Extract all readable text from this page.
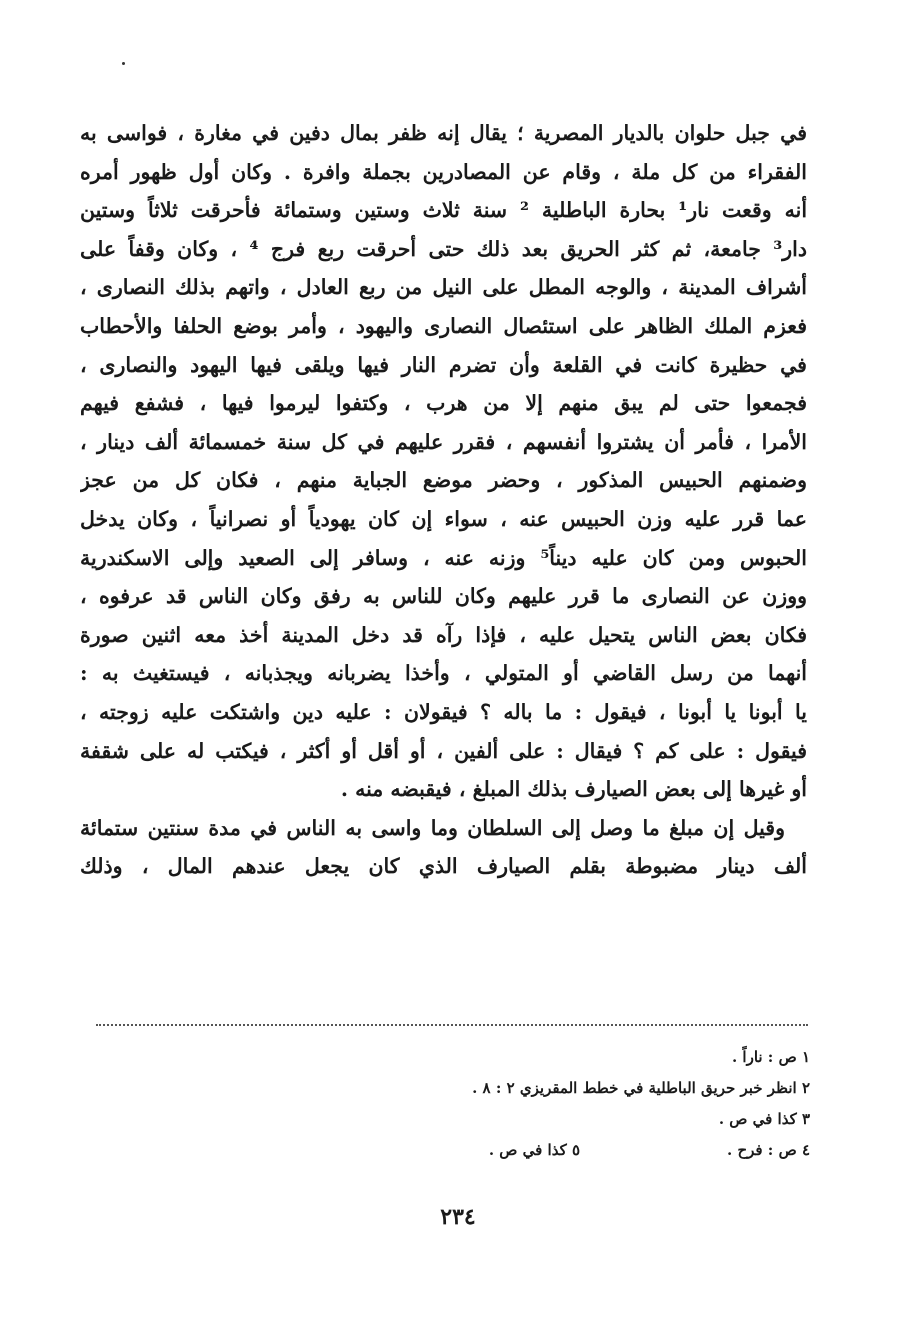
في جبل حلوان بالديار المصرية ؛ يقال إنه ظفر بمال دفين في مغارة ، فواسى به
الفقراء من كل ملة ، وقام عن المصادرين بجملة وافرة . وكان أول ظهور أمره
أنه وقعت نار¹ بحارة الباطلية ² سنة ثلاث وستين وستمائة فأحرقت ثلاثاً وستين
دار³ جامعة، ثم كثر الحريق بعد ذلك حتى أحرقت ربع فرج ⁴ ، وكان وقفاً على
أشراف المدينة ، والوجه المطل على النيل من ربع العادل ، واتهم بذلك النصارى ،
فعزم الملك الظاهر على استئصال النصارى واليهود ، وأمر بوضع الحلفا والأحطاب
في حظيرة كانت في القلعة وأن تضرم النار فيها ويلقى فيها اليهود والنصارى ،
فجمعوا حتى لم يبق منهم إلا من هرب ، وكتفوا ليرموا فيها ، فشفع فيهم
الأمرا ، فأمر أن يشتروا أنفسهم ، فقرر عليهم في كل سنة خمسمائة ألف دينار ،
وضمنهم الحبيس المذكور ، وحضر موضع الجباية منهم ، فكان كل من عجز
عما قرر عليه وزن الحبيس عنه ، سواء إن كان يهودياً أو نصرانياً ، وكان يدخل
الحبوس ومن كان عليه ديناً⁵ وزنه عنه ، وسافر إلى الصعيد وإلى الاسكندرية
ووزن عن النصارى ما قرر عليهم وكان للناس به رفق وكان الناس قد عرفوه ،
فكان بعض الناس يتحيل عليه ، فإذا رآه قد دخل المدينة أخذ معه اثنين صورة
أنهما من رسل القاضي أو المتولي ، وأخذا يضربانه ويجذبانه ، فيستغيث به :
يا أبونا يا أبونا ، فيقول : ما باله ؟ فيقولان : عليه دين واشتكت عليه زوجته ،
فيقول : على كم ؟ فيقال : على ألفين ، أو أقل أو أكثر ، فيكتب له على شقفة
أو غيرها إلى بعض الصيارف بذلك المبلغ ، فيقبضه منه .
وقيل إن مبلغ ما وصل إلى السلطان وما واسى به الناس في مدة سنتين ستمائة
ألف دينار مضبوطة بقلم الصيارف الذي كان يجعل عندهم المال ، وذلك
١ ص : ناراً .
٢ انظر خبر حريق الباطلية في خطط المقريزي ٢ : ٨ .
٣ كذا في ص .
٤ ص : فرح .
٥ كذا في ص .
٢٣٤
